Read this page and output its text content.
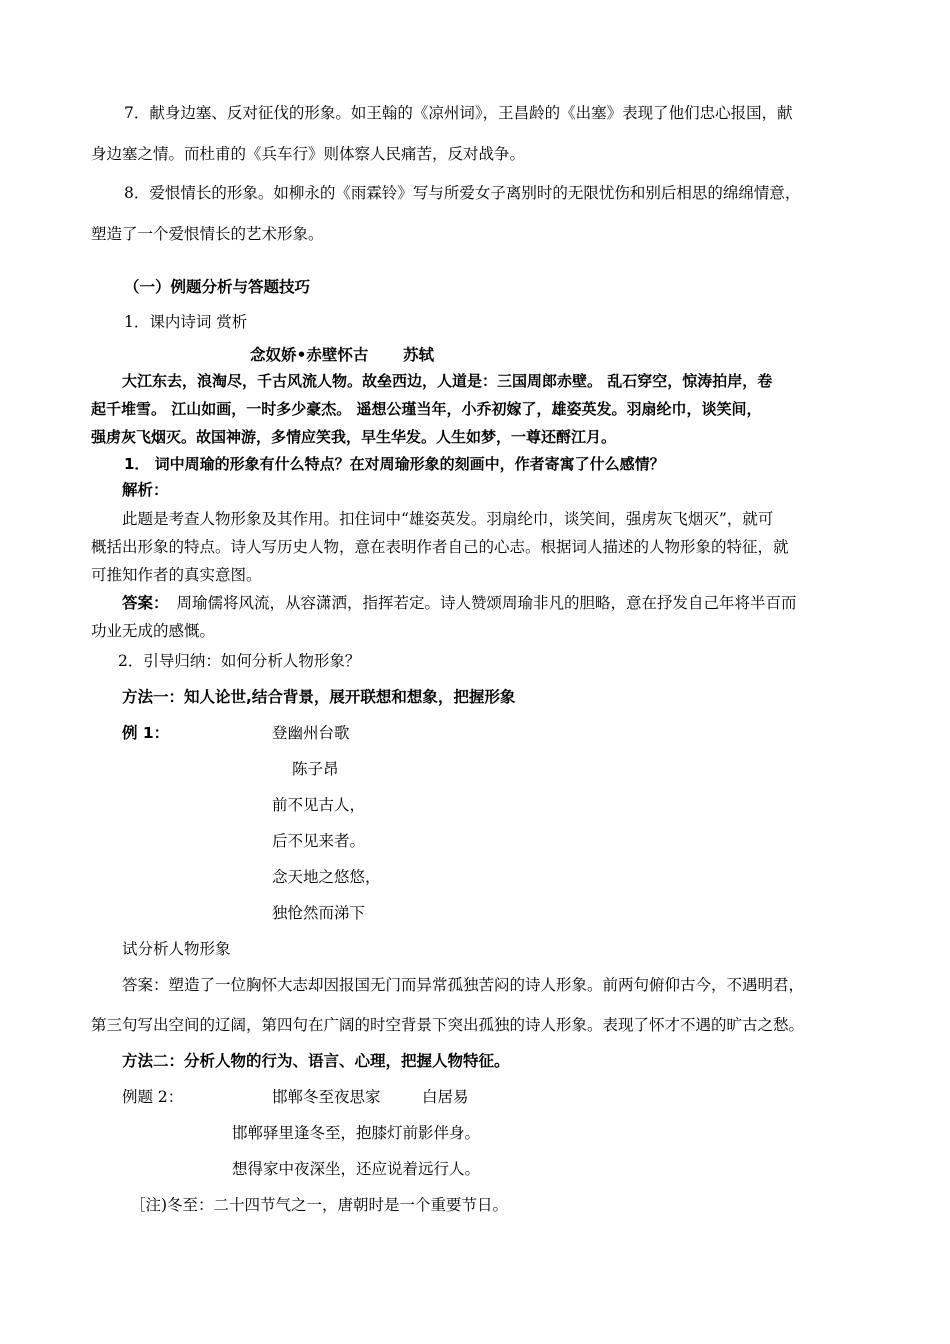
7．献身边塞、反对征伐的形象。如王翰的《凉州词》，王昌龄的《出塞》表现了他们忠心报国，献
身边塞之情。而杜甫的《兵车行》则体察人民痛苦，反对战争。
8．爱恨情长的形象。如柳永的《雨霖铃》写与所爱女子离别时的无限忧伤和别后相思的绵绵情意，
塑造了一个爱恨情长的艺术形象。
（一）例题分析与答题技巧
1．课内诗词 赏析
念奴娇•赤壁怀古 苏轼
大江东去，浪淘尽，千古风流人物。故垒西边，人道是：三国周郎赤壁。 乱石穿空，惊涛拍岸，卷
起千堆雪。 江山如画，一时多少豪杰。 遥想公瑾当年，小乔初嫁了，雄姿英发。羽扇纶巾，谈笑间，
强虏灰飞烟灭。故国神游，多情应笑我，早生华发。人生如梦，一尊还酹江月。
1． 词中周瑜的形象有什么特点？在对周瑜形象的刻画中，作者寄寓了什么感情？
解析：
此题是考查人物形象及其作用。扣住词中“雄姿英发。羽扇纶巾，谈笑间，强虏灰飞烟灭”，就可
概括出形象的特点。诗人写历史人物，意在表明作者自己的心志。根据词人描述的人物形象的特征，就
可推知作者的真实意图。
答案： 周瑜儒将风流，从容潇洒，指挥若定。诗人赞颂周瑜非凡的胆略，意在抒发自己年将半百而
功业无成的感慨。
2．引导归纳：如何分析人物形象？
方法一：知人论世,结合背景，展开联想和想象，把握形象
例 1：	登幽州台歌
陈子昂
前不见古人，
后不见来者。
念天地之悠悠，
独怆然而涕下
试分析人物形象
答案：塑造了一位胸怀大志却因报国无门而异常孤独苦闷的诗人形象。前两句俯仰古今，不遇明君，
第三句写出空间的辽阔，第四句在广阔的时空背景下突出孤独的诗人形象。表现了怀才不遇的旷古之愁。
方法二：分析人物的行为、语言、心理，把握人物特征。
例题 2：	邯郸冬至夜思家	白居易
邯郸驿里逢冬至，抱膝灯前影伴身。
想得家中夜深坐，还应说着远行人。
［注)冬至：二十四节气之一，唐朝时是一个重要节日。
